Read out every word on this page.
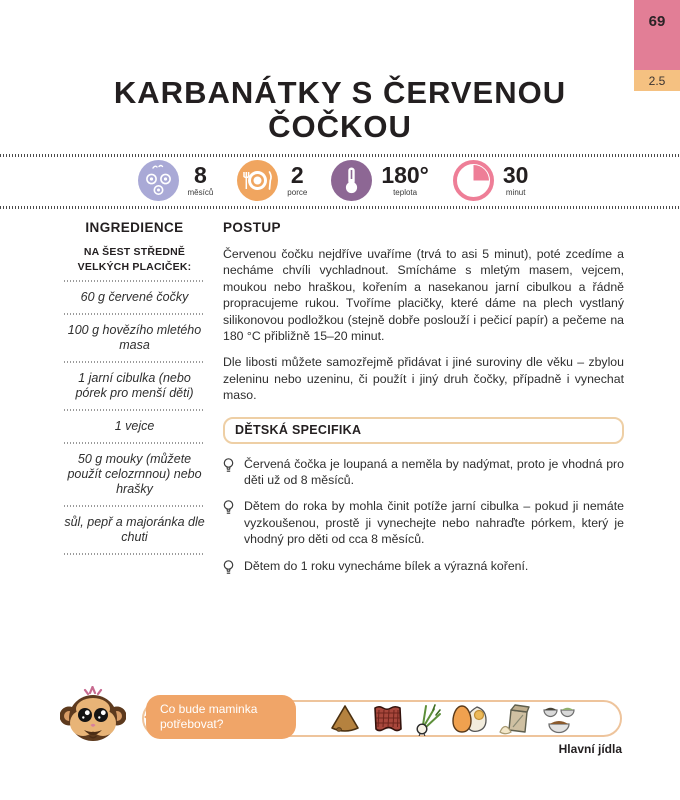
69
2.5
KARBANÁTKY S ČERVENOU
ČOČKOU
8
měsíců
2
porce
180°
teplota
30
minut
INGREDIENCE
NA ŠEST STŘEDNĚ VELKÝCH PLACIČEK:
60 g červené čočky
100 g hovězího mletého masa
1 jarní cibulka (nebo pórek pro menší děti)
1 vejce
50 g mouky (můžete použít celozrnnou) nebo hrašky
sůl, pepř a majoránka dle chuti
POSTUP

Červenou čočku nejdříve uvaříme (trvá to asi 5 minut), poté zcedíme a necháme chvíli vychladnout. Smícháme s mletým masem, vejcem, moukou nebo hraškou, kořením a nasekanou jarní cibulkou a řádně propracujeme rukou. Tvoříme placičky, které dáme na plech vystlaný silikonovou podložkou (stejně dobře poslouží i pečicí papír) a pečeme na 180 °C přibližně 15–20 minut.

Dle libosti můžete samozřejmě přidávat i jiné suroviny dle věku – zbylou zeleninu nebo uzeninu, či použít i jiný druh čočky, případně i vynechat maso.

DĚTSKÁ SPECIFIKA
Červená čočka je loupaná a neměla by nadýmat, proto je vhodná pro děti už od 8 měsíců.
Dětem do roka by mohla činit potíže jarní cibulka – pokud ji nemáte vyzkoušenou, prostě ji vynechejte nebo nahraďte pórkem, který je vhodný pro děti od cca 8 měsíců.
Dětem do 1 roku vynecháme bílek a výrazná koření.
Co bude maminka potřebovat?
Hlavní jídla
